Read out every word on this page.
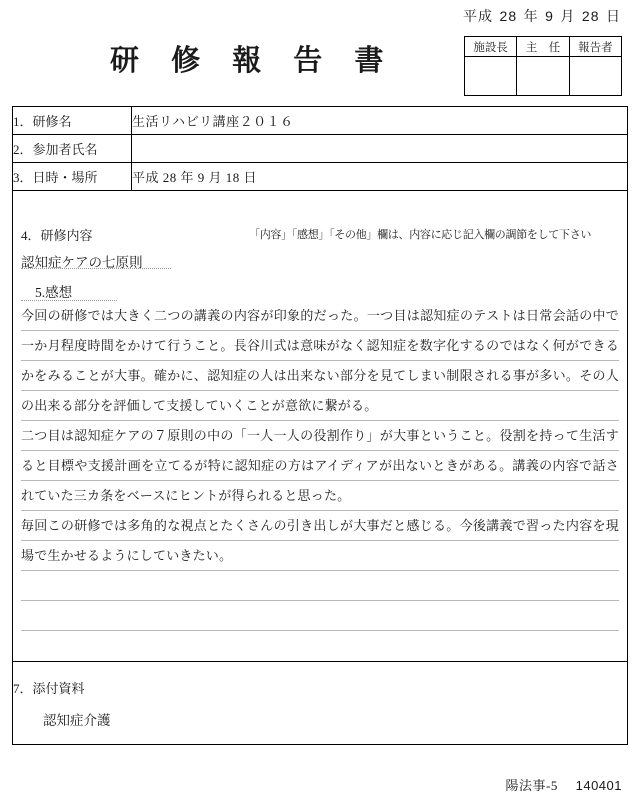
平成 28 年 9 月 28 日
研 修 報 告 書	施設長	主　任	報告者

1．研修名	生活リハビリ講座２０１６
2．参加者氏名	
3．日時・場所	平成 28 年 9 月 18 日

4．研修内容	「内容」「感想」「その他」欄は、内容に応じ記入欄の調節をして下さい
認知症ケアの七原則
5.感想

今回の研修では大きく二つの講義の内容が印象的だった。一つ目は認知症のテストは日常会話の中で一か月程度時間をかけて行うこと。長谷川式は意味がなく認知症を数字化するのではなく何ができるかをみることが大事。確かに、認知症の人は出来ない部分を見てしまい制限される事が多い。その人の出来る部分を評価して支援していくことが意欲に繋がる。

二つ目は認知症ケアの７原則の中の「一人一人の役割作り」が大事ということ。役割を持って生活すると目標や支援計画を立てるが特に認知症の方はアイディアが出ないときがある。講義の内容で話されていた三カ条をベースにヒントが得られると思った。

毎回この研修では多角的な視点とたくさんの引き出しが大事だと感じる。今後講義で習った内容を現場で生かせるようにしていきたい。

7．添付資料
認知症介護	
陽法事-5 140401
